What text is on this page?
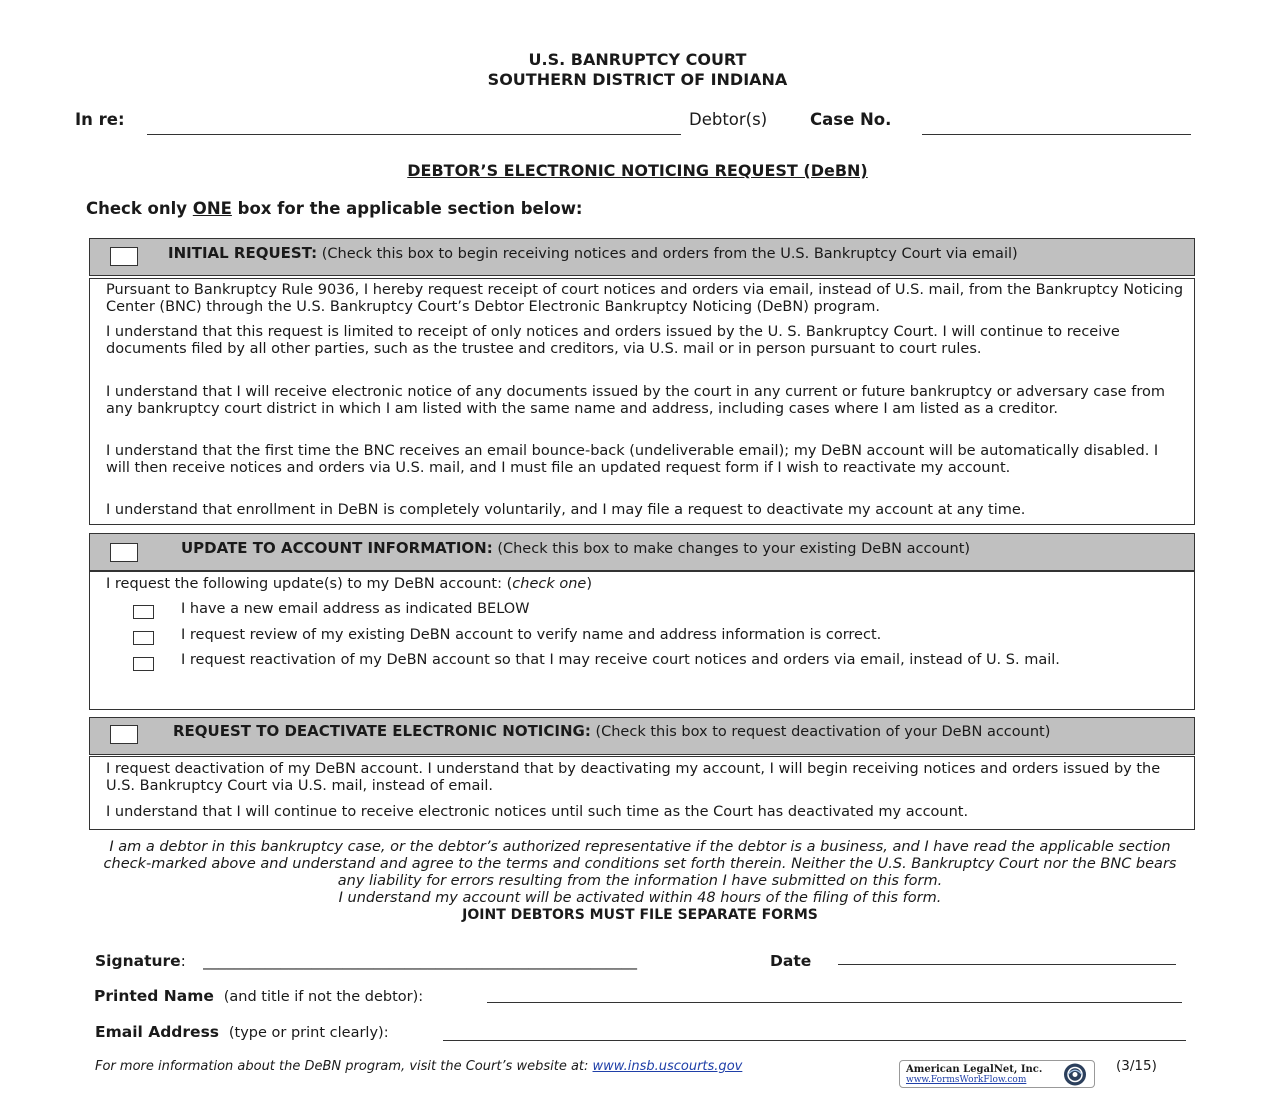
U.S. BANRUPTCY COURT
SOUTHERN DISTRICT OF INDIANA
In re:	Debtor(s)	Case No.
DEBTOR’S ELECTRONIC NOTICING REQUEST (DeBN)
Check only ONE box for the applicable section below:
INITIAL REQUEST: (Check this box to begin receiving notices and orders from the U.S. Bankruptcy Court via email)
Pursuant to Bankruptcy Rule 9036, I hereby request receipt of court notices and orders via email, instead of U.S. mail, from the Bankruptcy Noticing Center (BNC) through the U.S. Bankruptcy Court’s Debtor Electronic Bankruptcy Noticing (DeBN) program.
I understand that this request is limited to receipt of only notices and orders issued by the U. S. Bankruptcy Court. I will continue to receive documents filed by all other parties, such as the trustee and creditors, via U.S. mail or in person pursuant to court rules.
I understand that I will receive electronic notice of any documents issued by the court in any current or future bankruptcy or adversary case from any bankruptcy court district in which I am listed with the same name and address, including cases where I am listed as a creditor.
I understand that the first time the BNC receives an email bounce-back (undeliverable email); my DeBN account will be automatically disabled. I will then receive notices and orders via U.S. mail, and I must file an updated request form if I wish to reactivate my account.
I understand that enrollment in DeBN is completely voluntarily, and I may file a request to deactivate my account at any time.
UPDATE TO ACCOUNT INFORMATION: (Check this box to make changes to your existing DeBN account)
I request the following update(s) to my DeBN account: (check one)
I have a new email address as indicated BELOW
I request review of my existing DeBN account to verify name and address information is correct.
I request reactivation of my DeBN account so that I may receive court notices and orders via email, instead of U. S. mail.
REQUEST TO DEACTIVATE ELECTRONIC NOTICING: (Check this box to request deactivation of your DeBN account)
I request deactivation of my DeBN account. I understand that by deactivating my account, I will begin receiving notices and orders issued by the U.S. Bankruptcy Court via U.S. mail, instead of email.
I understand that I will continue to receive electronic notices until such time as the Court has deactivated my account.
I am a debtor in this bankruptcy case, or the debtor’s authorized representative if the debtor is a business, and I have read the applicable section check-marked above and understand and agree to the terms and conditions set forth therein. Neither the U.S. Bankruptcy Court nor the BNC bears any liability for errors resulting from the information I have submitted on this form.
I understand my account will be activated within 48 hours of the filing of this form.
JOINT DEBTORS MUST FILE SEPARATE FORMS
Signature: ________________________________________________________	Date
Printed Name (and title if not the debtor):
Email Address (type or print clearly):
For more information about the DeBN program, visit the Court’s website at: www.insb.uscourts.gov	American LegalNet, Inc.
www.FormsWorkFlow.com
(3/15)
